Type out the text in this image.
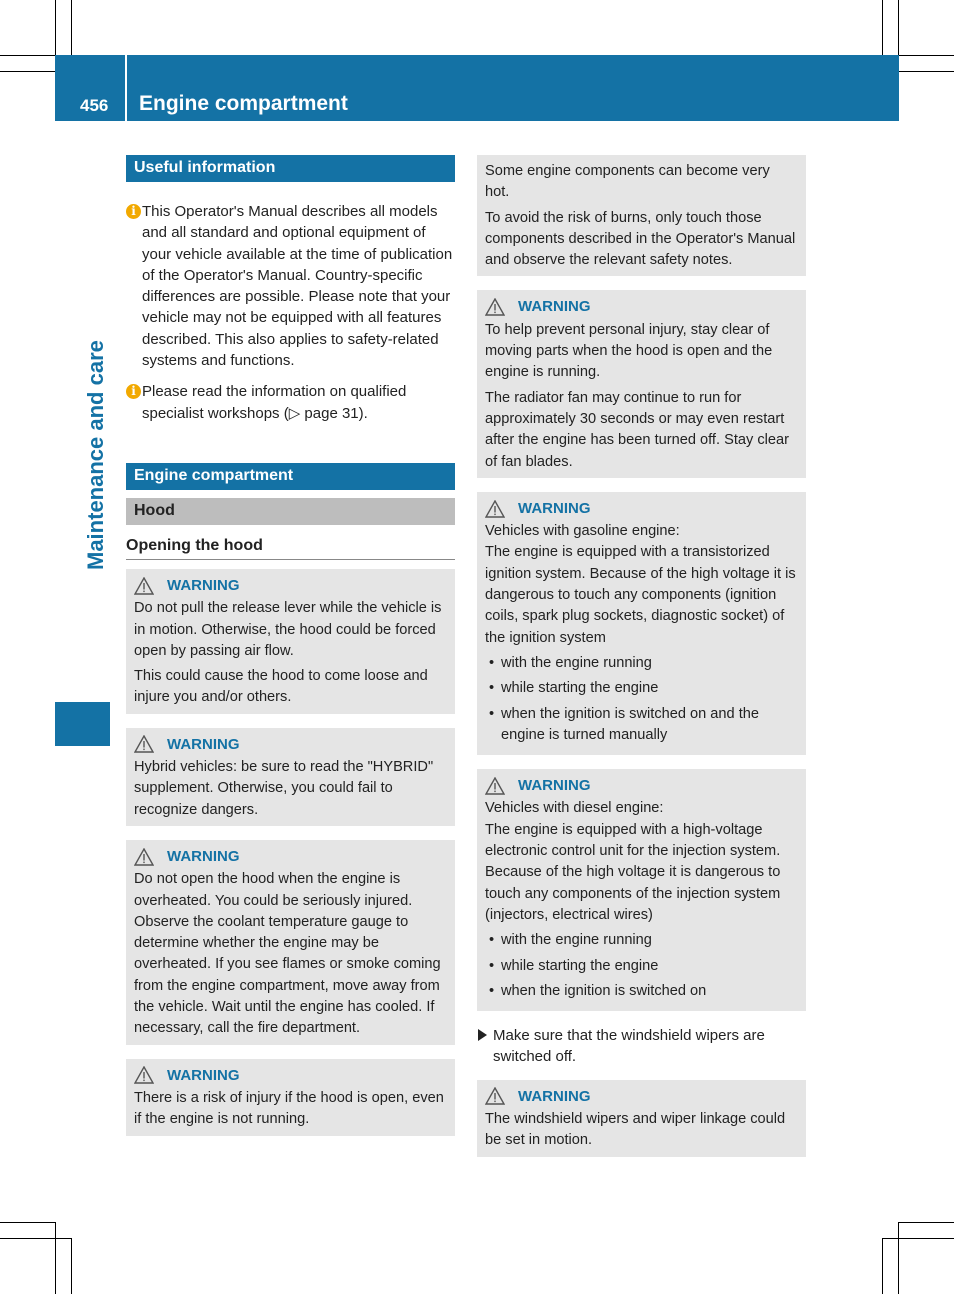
456 Engine compartment
Maintenance and care
Useful information
i This Operator's Manual describes all models and all standard and optional equipment of your vehicle available at the time of publication of the Operator's Manual. Country-specific differences are possible. Please note that your vehicle may not be equipped with all features described. This also applies to safety-related systems and functions.
i Please read the information on qualified specialist workshops (▷ page 31).
Engine compartment
Hood
Opening the hood
WARNING

Do not pull the release lever while the vehicle is in motion. Otherwise, the hood could be forced open by passing air flow.

This could cause the hood to come loose and injure you and/or others.

WARNING

Hybrid vehicles: be sure to read the "HYBRID" supplement. Otherwise, you could fail to recognize dangers.

WARNING

Do not open the hood when the engine is overheated. You could be seriously injured. Observe the coolant temperature gauge to determine whether the engine may be overheated. If you see flames or smoke coming from the engine compartment, move away from the vehicle. Wait until the engine has cooled. If necessary, call the fire department.

WARNING

There is a risk of injury if the hood is open, even if the engine is not running.

Some engine components can become very hot.

To avoid the risk of burns, only touch those components described in the Operator's Manual and observe the relevant safety notes.

WARNING

To help prevent personal injury, stay clear of moving parts when the hood is open and the engine is running.

The radiator fan may continue to run for approximately 30 seconds or may even restart after the engine has been turned off. Stay clear of fan blades.

WARNING
Vehicles with gasoline engine:

The engine is equipped with a transistorized ignition system. Because of the high voltage it is dangerous to touch any components (ignition coils, spark plug sockets, diagnostic socket) of the ignition system

• with the engine running
• while starting the engine
• when the ignition is switched on and the engine is turned manually
WARNING
Vehicles with diesel engine:

The engine is equipped with a high-voltage electronic control unit for the injection system. Because of the high voltage it is dangerous to touch any components of the injection system (injectors, electrical wires)

• with the engine running
• while starting the engine
• when the ignition is switched on
Make sure that the windshield wipers are switched off.
WARNING

The windshield wipers and wiper linkage could be set in motion.
